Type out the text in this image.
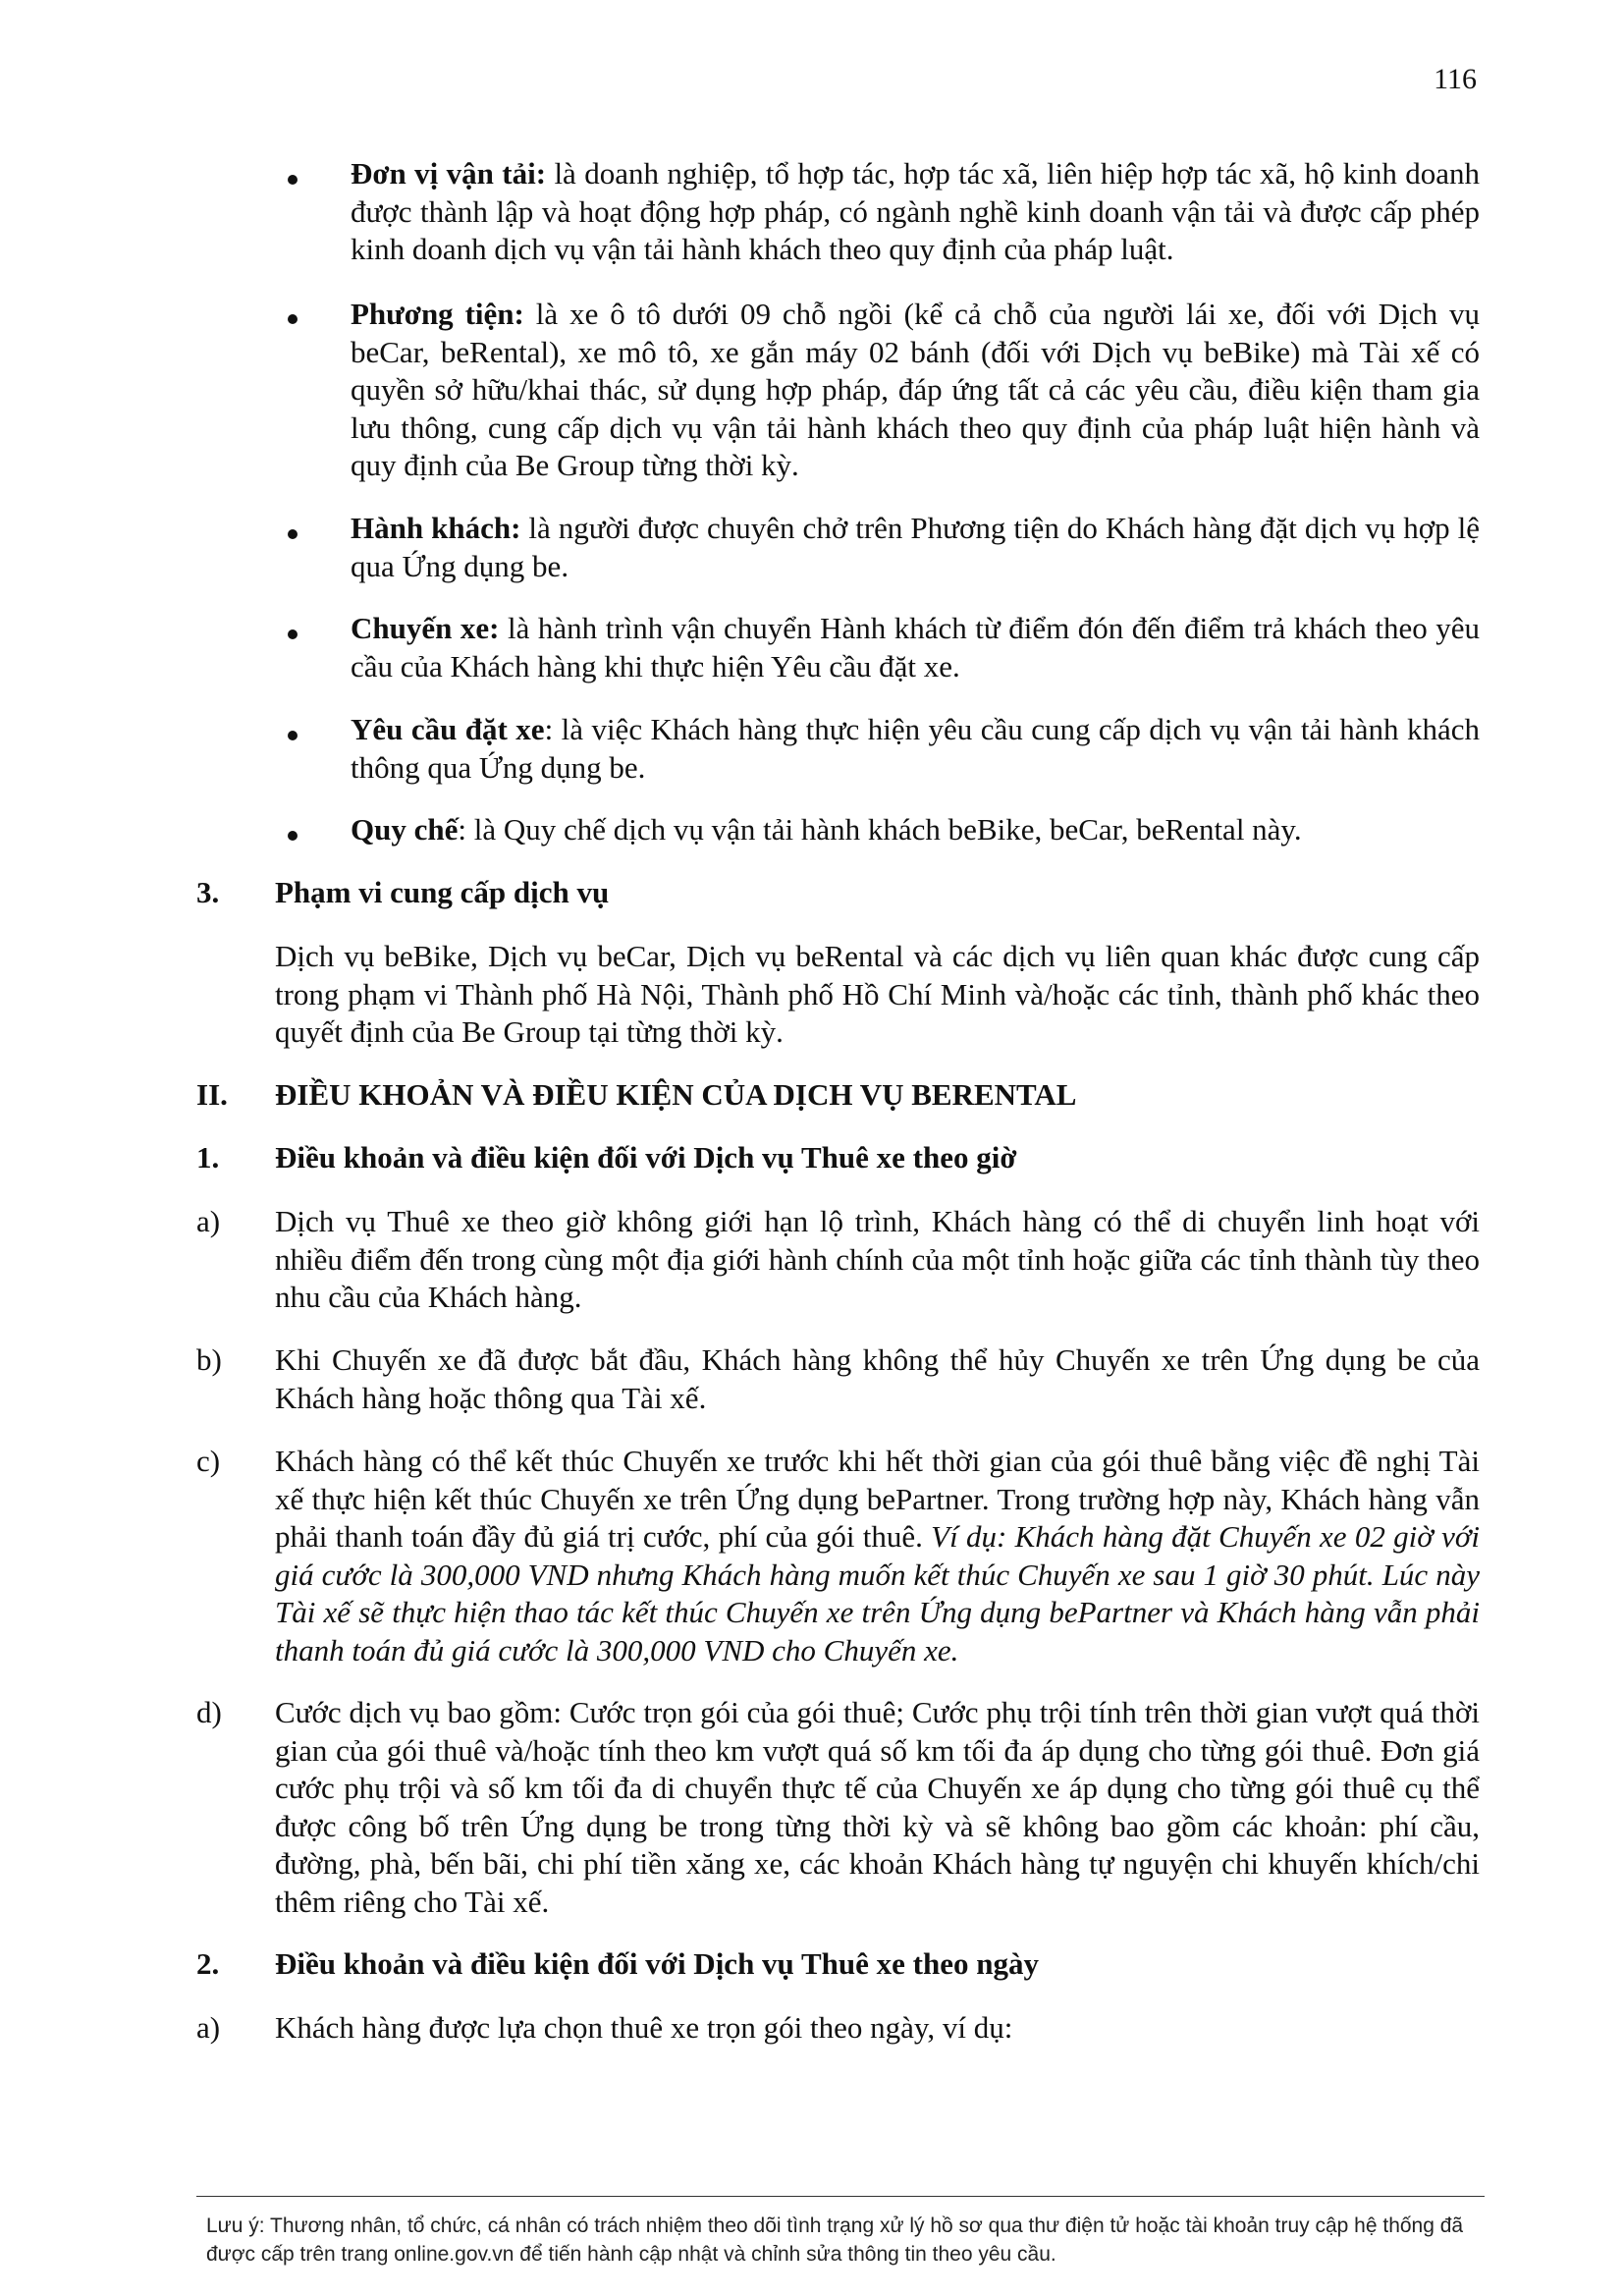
116
Đơn vị vận tải: là doanh nghiệp, tổ hợp tác, hợp tác xã, liên hiệp hợp tác xã, hộ kinh doanh được thành lập và hoạt động hợp pháp, có ngành nghề kinh doanh vận tải và được cấp phép kinh doanh dịch vụ vận tải hành khách theo quy định của pháp luật.
Phương tiện: là xe ô tô dưới 09 chỗ ngồi (kể cả chỗ của người lái xe, đối với Dịch vụ beCar, beRental), xe mô tô, xe gắn máy 02 bánh (đối với Dịch vụ beBike) mà Tài xế có quyền sở hữu/khai thác, sử dụng hợp pháp, đáp ứng tất cả các yêu cầu, điều kiện tham gia lưu thông, cung cấp dịch vụ vận tải hành khách theo quy định của pháp luật hiện hành và quy định của Be Group từng thời kỳ.
Hành khách: là người được chuyên chở trên Phương tiện do Khách hàng đặt dịch vụ hợp lệ qua Ứng dụng be.
Chuyến xe: là hành trình vận chuyển Hành khách từ điểm đón đến điểm trả khách theo yêu cầu của Khách hàng khi thực hiện Yêu cầu đặt xe.
Yêu cầu đặt xe: là việc Khách hàng thực hiện yêu cầu cung cấp dịch vụ vận tải hành khách thông qua Ứng dụng be.
Quy chế: là Quy chế dịch vụ vận tải hành khách beBike, beCar, beRental này.
3. Phạm vi cung cấp dịch vụ
Dịch vụ beBike, Dịch vụ beCar, Dịch vụ beRental và các dịch vụ liên quan khác được cung cấp trong phạm vi Thành phố Hà Nội, Thành phố Hồ Chí Minh và/hoặc các tỉnh, thành phố khác theo quyết định của Be Group tại từng thời kỳ.
II. ĐIỀU KHOẢN VÀ ĐIỀU KIỆN CỦA DỊCH VỤ BERENTAL
1. Điều khoản và điều kiện đối với Dịch vụ Thuê xe theo giờ
a) Dịch vụ Thuê xe theo giờ không giới hạn lộ trình, Khách hàng có thể di chuyển linh hoạt với nhiều điểm đến trong cùng một địa giới hành chính của một tỉnh hoặc giữa các tỉnh thành tùy theo nhu cầu của Khách hàng.
b) Khi Chuyến xe đã được bắt đầu, Khách hàng không thể hủy Chuyến xe trên Ứng dụng be của Khách hàng hoặc thông qua Tài xế.
c) Khách hàng có thể kết thúc Chuyến xe trước khi hết thời gian của gói thuê bằng việc đề nghị Tài xế thực hiện kết thúc Chuyến xe trên Ứng dụng bePartner. Trong trường hợp này, Khách hàng vẫn phải thanh toán đầy đủ giá trị cước, phí của gói thuê. Ví dụ: Khách hàng đặt Chuyến xe 02 giờ với giá cước là 300,000 VND nhưng Khách hàng muốn kết thúc Chuyến xe sau 1 giờ 30 phút. Lúc này Tài xế sẽ thực hiện thao tác kết thúc Chuyến xe trên Ứng dụng bePartner và Khách hàng vẫn phải thanh toán đủ giá cước là 300,000 VND cho Chuyến xe.
d) Cước dịch vụ bao gồm: Cước trọn gói của gói thuê; Cước phụ trội tính trên thời gian vượt quá thời gian của gói thuê và/hoặc tính theo km vượt quá số km tối đa áp dụng cho từng gói thuê. Đơn giá cước phụ trội và số km tối đa di chuyển thực tế của Chuyến xe áp dụng cho từng gói thuê cụ thể được công bố trên Ứng dụng be trong từng thời kỳ và sẽ không bao gồm các khoản: phí cầu, đường, phà, bến bãi, chi phí tiền xăng xe, các khoản Khách hàng tự nguyện chi khuyến khích/chi thêm riêng cho Tài xế.
2. Điều khoản và điều kiện đối với Dịch vụ Thuê xe theo ngày
a) Khách hàng được lựa chọn thuê xe trọn gói theo ngày, ví dụ:
Lưu ý: Thương nhân, tổ chức, cá nhân có trách nhiệm theo dõi tình trạng xử lý hồ sơ qua thư điện tử hoặc tài khoản truy cập hệ thống đã được cấp trên trang online.gov.vn để tiến hành cập nhật và chỉnh sửa thông tin theo yêu cầu.
